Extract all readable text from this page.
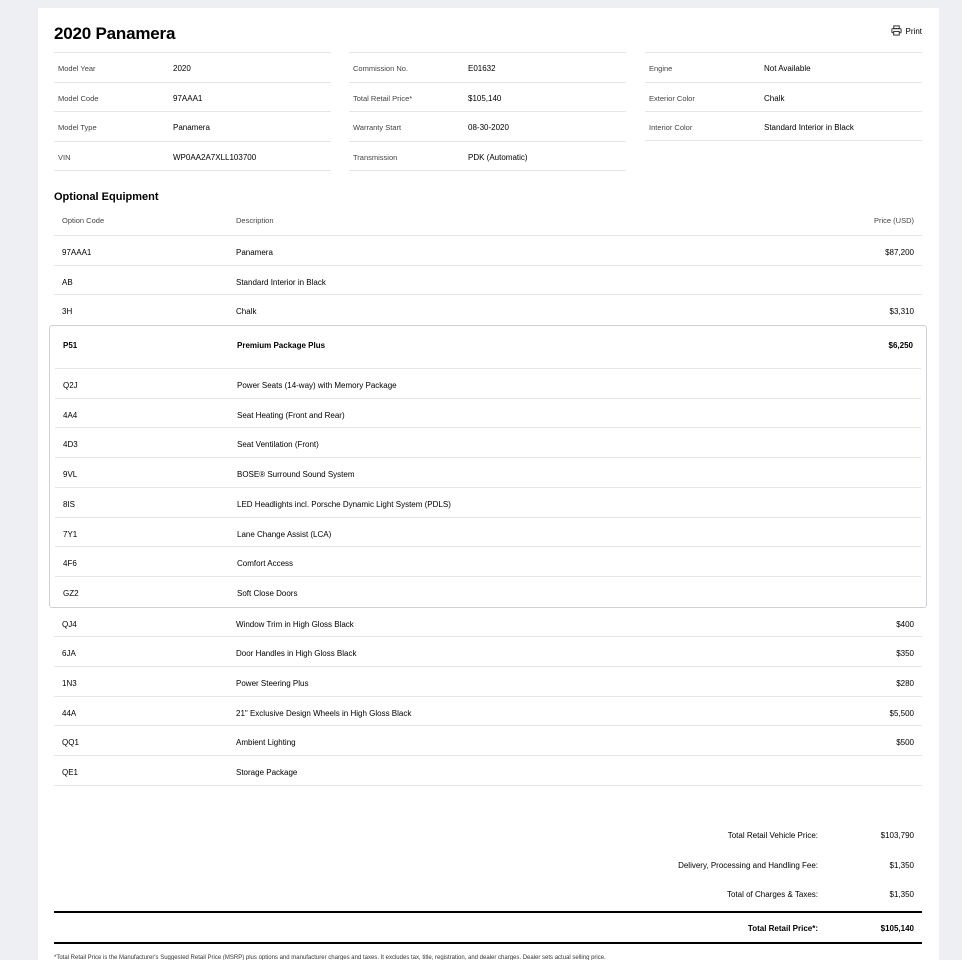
2020 Panamera	Print
Model Year	2020
Model Code	97AAA1
Model Type	Panamera
VIN	WP0AA2A7XLL103700
Commission No.	E01632
Total Retail Price*	$105,140
Warranty Start	08-30-2020
Transmission	PDK (Automatic)
Engine	Not Available
Exterior Color	Chalk
Interior Color	Standard Interior in Black
Optional Equipment
Option Code	Description	Price (USD)
97AAA1	Panamera	$87,200
AB	Standard Interior in Black
3H	Chalk	$3,310
P51	Premium Package Plus	$6,250
Q2J	Power Seats (14-way) with Memory Package
4A4	Seat Heating (Front and Rear)
4D3	Seat Ventilation (Front)
9VL	BOSE® Surround Sound System
8IS	LED Headlights incl. Porsche Dynamic Light System (PDLS)
7Y1	Lane Change Assist (LCA)
4F6	Comfort Access
GZ2	Soft Close Doors
QJ4	Window Trim in High Gloss Black	$400
6JA	Door Handles in High Gloss Black	$350
1N3	Power Steering Plus	$280
44A	21" Exclusive Design Wheels in High Gloss Black	$5,500
QQ1	Ambient Lighting	$500
QE1	Storage Package
Total Retail Vehicle Price:	$103,790
Delivery, Processing and Handling Fee:	$1,350
Total of Charges & Taxes:	$1,350
Total Retail Price*:	$105,140
*Total Retail Price is the Manufacturer's Suggested Retail Price (MSRP) plus options and manufacturer charges and taxes. It excludes tax, title, registration, and dealer charges. Dealer sets actual selling price.
